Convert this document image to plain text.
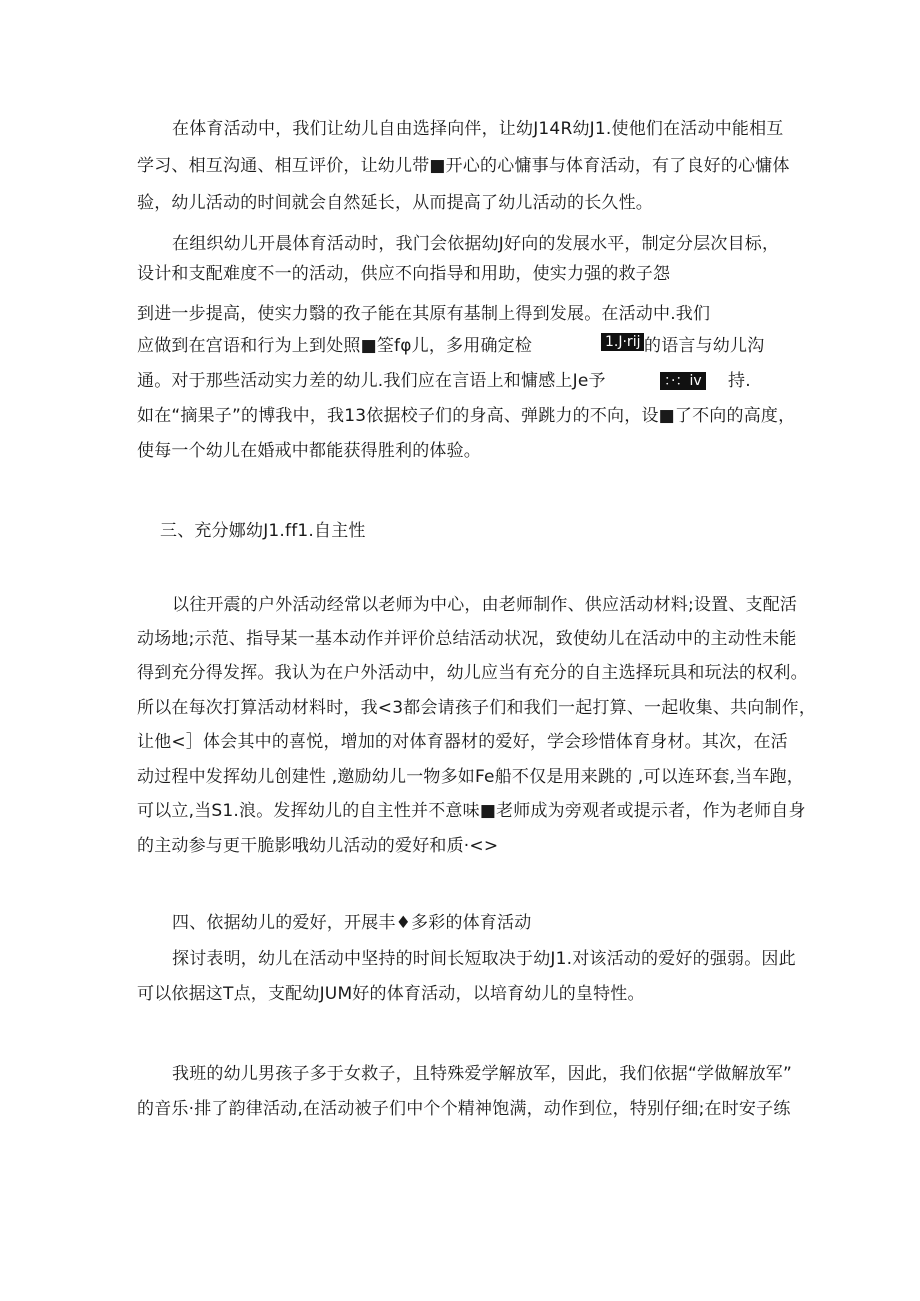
在体育活动中，我们让幼儿自由选择向伴，让幼J14R幼J1.使他们在活动中能相互
学习、相互沟通、相互评价，让幼儿带■开心的心慵事与体育活动，有了良好的心慵体
验，幼儿活动的时间就会自然延长，从而提高了幼儿活动的长久性。
在组织幼儿开晨体育活动时，我门会依据幼J好向的发展水平，制定分层次目标，
设计和支配难度不一的活动，供应不向指导和用助，使实力强的救子怨
到进一步提高，使实力翳的孜子能在其原有基制上得到发展。在活动中.我们
应做到在宫语和行为上到处照■筌fφ儿，多用确定检	1.J·rij 的语言与幼儿沟
通。对于那些活动实力差的幼儿.我们应在言语上和慵感上Je予	：·：iv 持.
如在“摘果子”的博我中，我13依据校子们的身高、弹跳力的不向，设■了不向的高度，
使每一个幼儿在婚戒中都能获得胜利的体验。
三、充分娜幼J1.ff1.自主性
以往开震的户外活动经常以老师为中心，由老师制作、供应活动材料;设置、支配活
动场地;示范、指导某一基本动作并评价总结活动状况，致使幼儿在活动中的主动性未能
得到充分得发挥。我认为在户外活动中，幼儿应当有充分的自主选择玩具和玩法的权利。
所以在每次打算活动材料时，我<3都会请孩子们和我们一起打算、一起收集、共向制作，
让他<］体会其中的喜悦，增加的对体育器材的爱好，学会珍惜体育身材。其次，在活
动过程中发挥幼儿创建性 ,邀励幼儿一物多如Fe船不仅是用来跳的 ,可以连环套,当车跑，
可以立,当S1.浪。发挥幼儿的自主性并不意味■老师成为旁观者或提示者，作为老师自身
的主动参与更干脆影哦幼儿活动的爱好和质·<>
四、依据幼儿的爱好，开展丰♦多彩的体育活动
探讨表明，幼儿在活动中坚持的时间长短取决于幼J1.对该活动的爱好的强弱。因此
可以依据这T点，支配幼JUM好的体育活动，以培育幼儿的皇特性。
我班的幼儿男孩子多于女救子，且特殊爱学解放军，因此，我们依据“学做解放军”
的音乐·排了韵律活动,在活动被子们中个个精神饱满，动作到位，特别仔细;在时安子练
